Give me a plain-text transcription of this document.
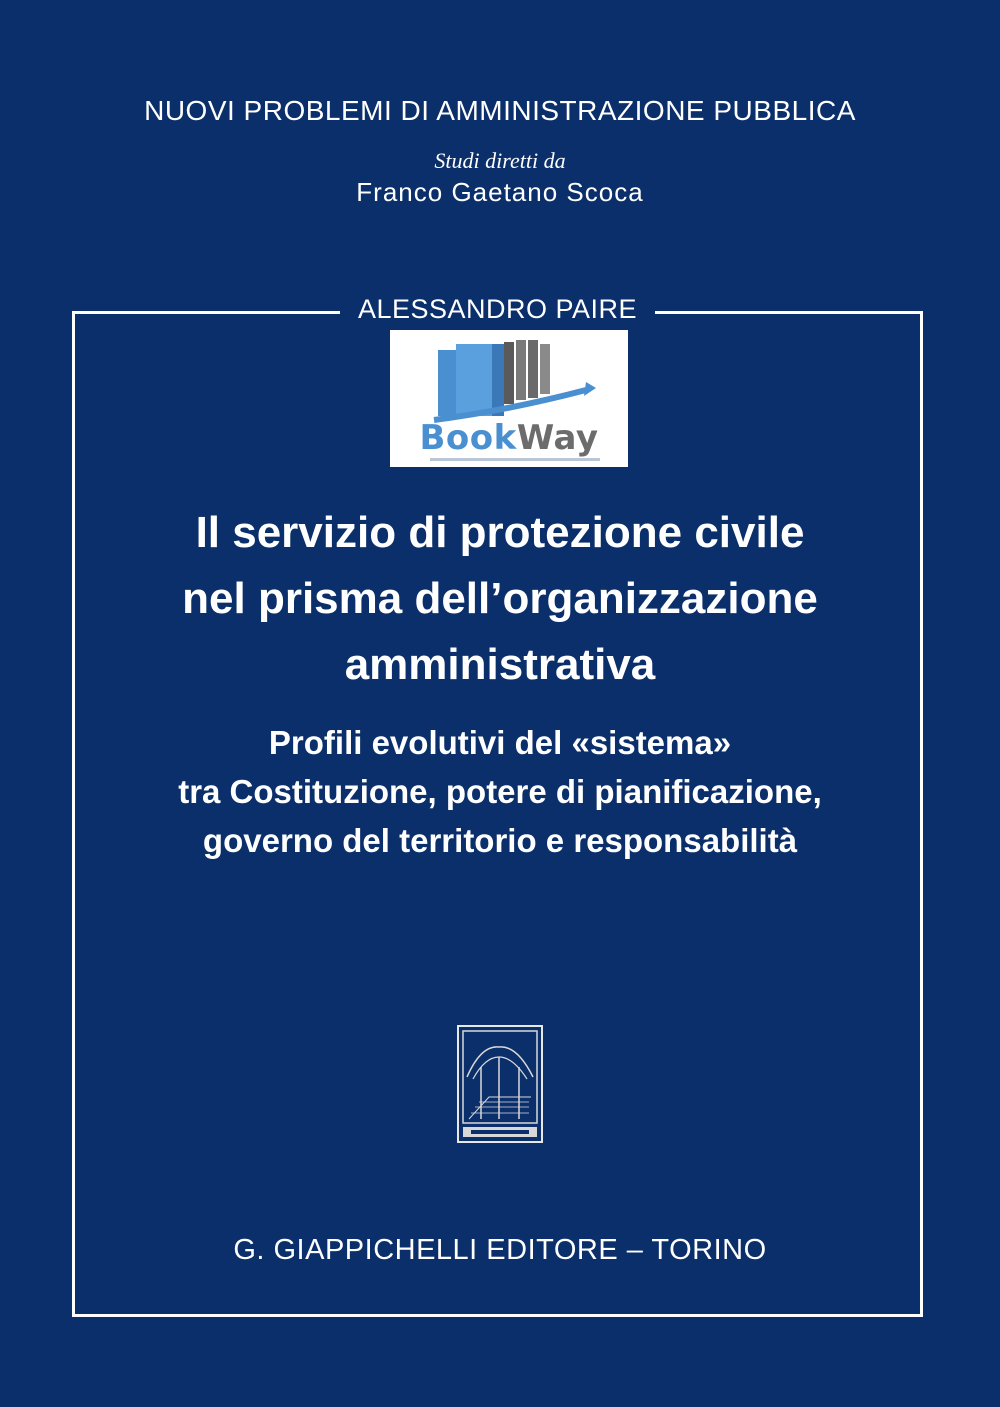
NUOVI PROBLEMI DI AMMINISTRAZIONE PUBBLICA
Studi diretti da
Franco Gaetano Scoca
ALESSANDRO PAIRE
BookWay
Il servizio di protezione civile
nel prisma dell’organizzazione
amministrativa
Profili evolutivi del «sistema»
tra Costituzione, potere di pianificazione,
governo del territorio e responsabilità
G. GIAPPICHELLI EDITORE – TORINO
